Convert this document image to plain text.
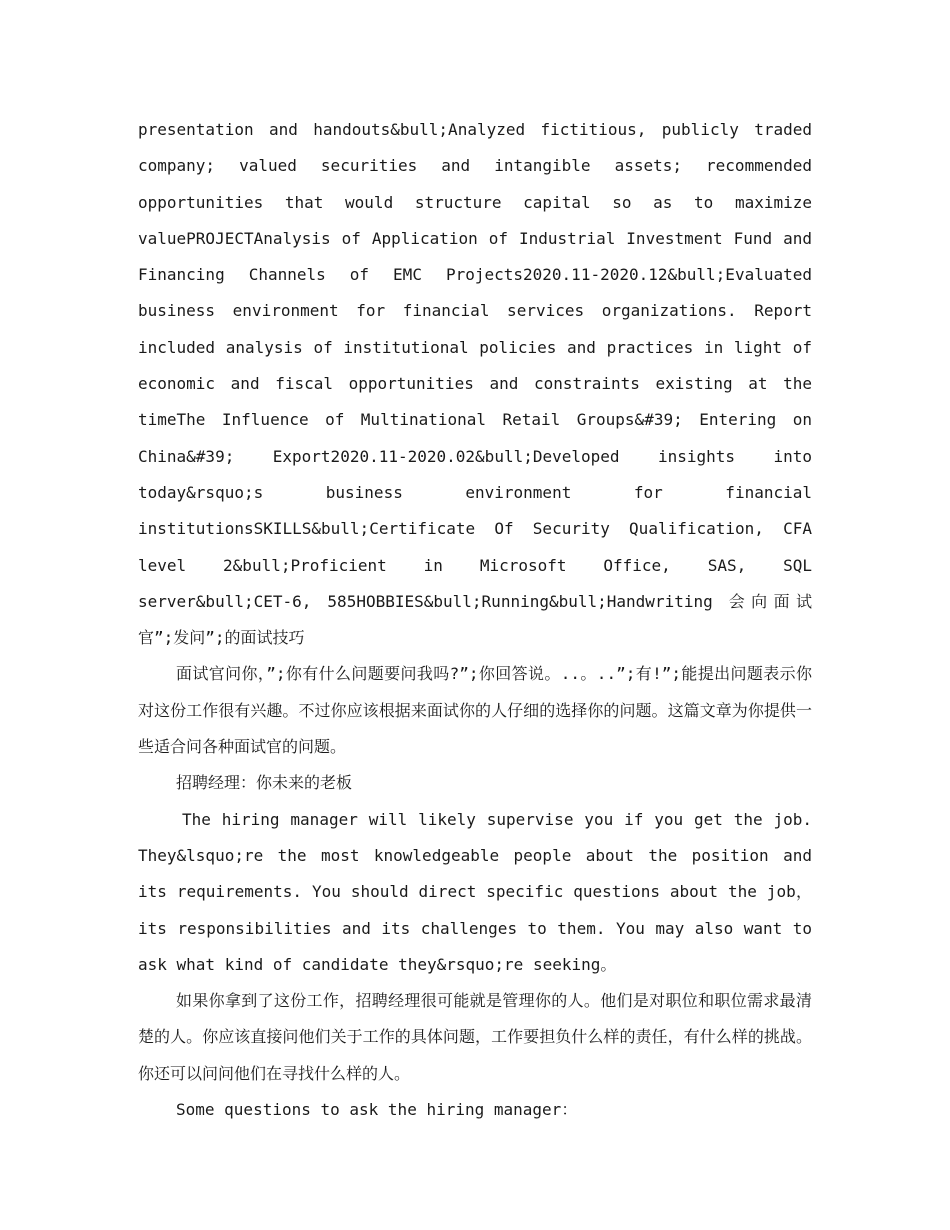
presentation and handouts&bull;Analyzed fictitious, publicly traded company; valued securities and intangible assets; recommended opportunities that would structure capital so as to maximize valuePROJECTAnalysis of Application of Industrial Investment Fund and Financing Channels of EMC Projects2020.11-2020.12&bull;Evaluated business environment for financial services organizations. Report included analysis of institutional policies and practices in light of economic and fiscal opportunities and constraints existing at the timeThe Influence of Multinational Retail Groups&#39; Entering on China&#39; Export2020.11-2020.02&bull;Developed insights into today&rsquo;s business environment for financial institutionsSKILLS&bull;Certificate Of Security Qualification, CFA level 2&bull;Proficient in Microsoft Office, SAS, SQL server&bull;CET-6, 585HOBBIES&bull;Running&bull;Handwriting 会向面试官”;发问”;的面试技巧

面试官问你，”;你有什么问题要问我吗?”;你回答说。..。..”;有!”;能提出问题表示你对这份工作很有兴趣。不过你应该根据来面试你的人仔细的选择你的问题。这篇文章为你提供一些适合问各种面试官的问题。

招聘经理：你未来的老板

The hiring manager will likely supervise you if you get the job. They&lsquo;re the most knowledgeable people about the position and its requirements. You should direct specific questions about the job，its responsibilities and its challenges to them. You may also want to ask what kind of candidate they&rsquo;re seeking。

如果你拿到了这份工作，招聘经理很可能就是管理你的人。他们是对职位和职位需求最清楚的人。你应该直接问他们关于工作的具体问题，工作要担负什么样的责任，有什么样的挑战。你还可以问问他们在寻找什么样的人。

Some questions to ask the hiring manager：
